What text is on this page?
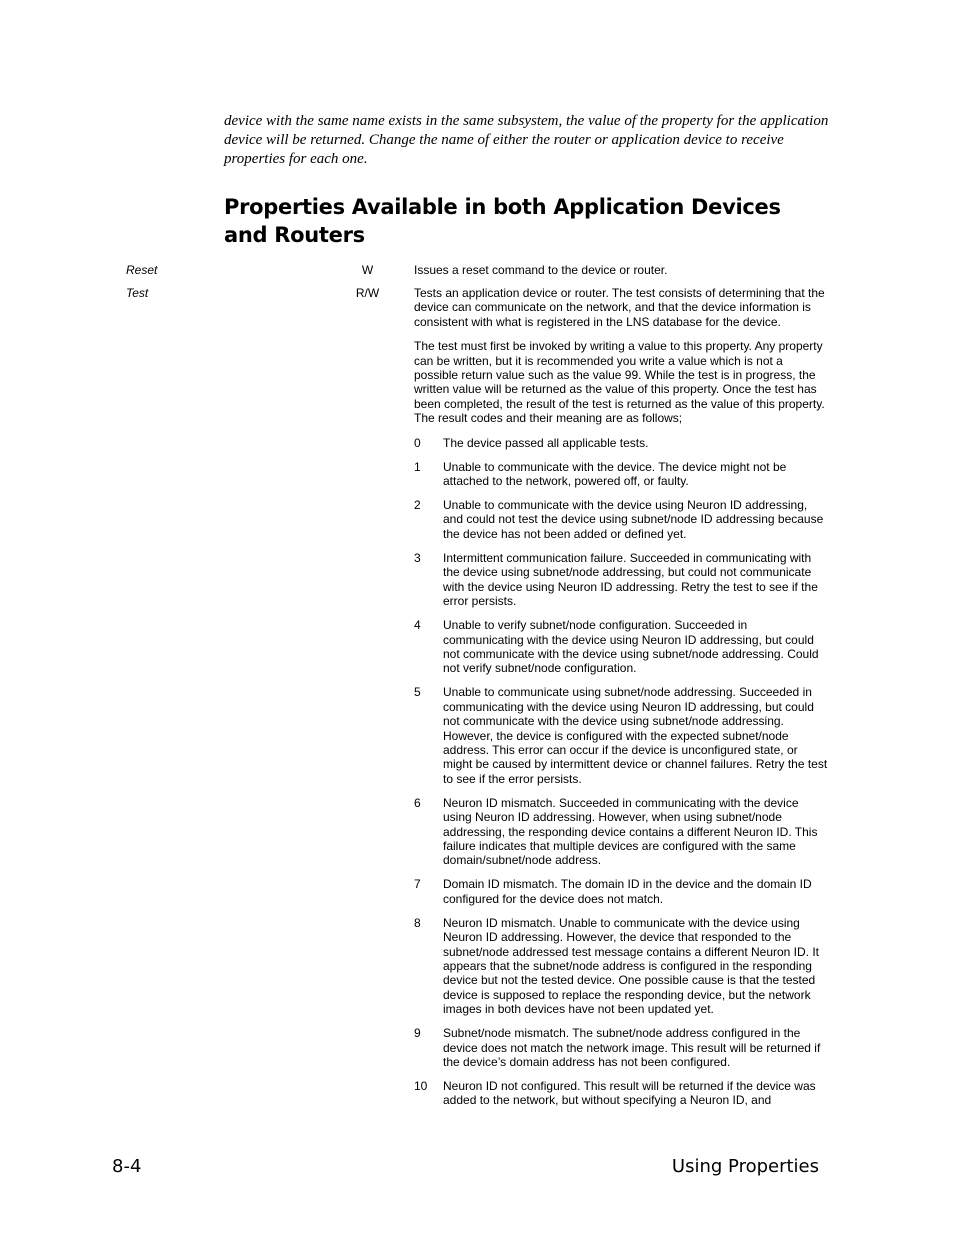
device with the same name exists in the same subsystem, the value of the property for the application device will be returned. Change the name of either the router or application device to receive properties for each one.
Properties Available in both Application Devices and Routers
Reset	W	Issues a reset command to the device or router.
Test	R/W	Tests an application device or router. The test consists of determining that the device can communicate on the network, and that the device information is consistent with what is registered in the LNS database for the device.

The test must first be invoked by writing a value to this property. Any property can be written, but it is recommended you write a value which is not a possible return value such as the value 99. While the test is in progress, the written value will be returned as the value of this property. Once the test has been completed, the result of the test is returned as the value of this property. The result codes and their meaning are as follows;

0	The device passed all applicable tests.
1	Unable to communicate with the device. The device might not be attached to the network, powered off, or faulty.
2	Unable to communicate with the device using Neuron ID addressing, and could not test the device using subnet/node ID addressing because the device has not been added or defined yet.
3	Intermittent communication failure. Succeeded in communicating with the device using subnet/node addressing, but could not communicate with the device using Neuron ID addressing. Retry the test to see if the error persists.
4	Unable to verify subnet/node configuration. Succeeded in communicating with the device using Neuron ID addressing, but could not communicate with the device using subnet/node addressing. Could not verify subnet/node configuration.
5	Unable to communicate using subnet/node addressing. Succeeded in communicating with the device using Neuron ID addressing, but could not communicate with the device using subnet/node addressing. However, the device is configured with the expected subnet/node address. This error can occur if the device is unconfigured state, or might be caused by intermittent device or channel failures. Retry the test to see if the error persists.
6	Neuron ID mismatch. Succeeded in communicating with the device using Neuron ID addressing. However, when using subnet/node addressing, the responding device contains a different Neuron ID. This failure indicates that multiple devices are configured with the same domain/subnet/node address.
7	Domain ID mismatch. The domain ID in the device and the domain ID configured for the device does not match.
8	Neuron ID mismatch. Unable to communicate with the device using Neuron ID addressing. However, the device that responded to the subnet/node addressed test message contains a different Neuron ID. It appears that the subnet/node address is configured in the responding device but not the tested device. One possible cause is that the tested device is supposed to replace the responding device, but the network images in both devices have not been updated yet.
9	Subnet/node mismatch. The subnet/node address configured in the device does not match the network image. This result will be returned if the device’s domain address has not been configured.
10	Neuron ID not configured. This result will be returned if the device was added to the network, but without specifying a Neuron ID, and
8-4	Using Properties
